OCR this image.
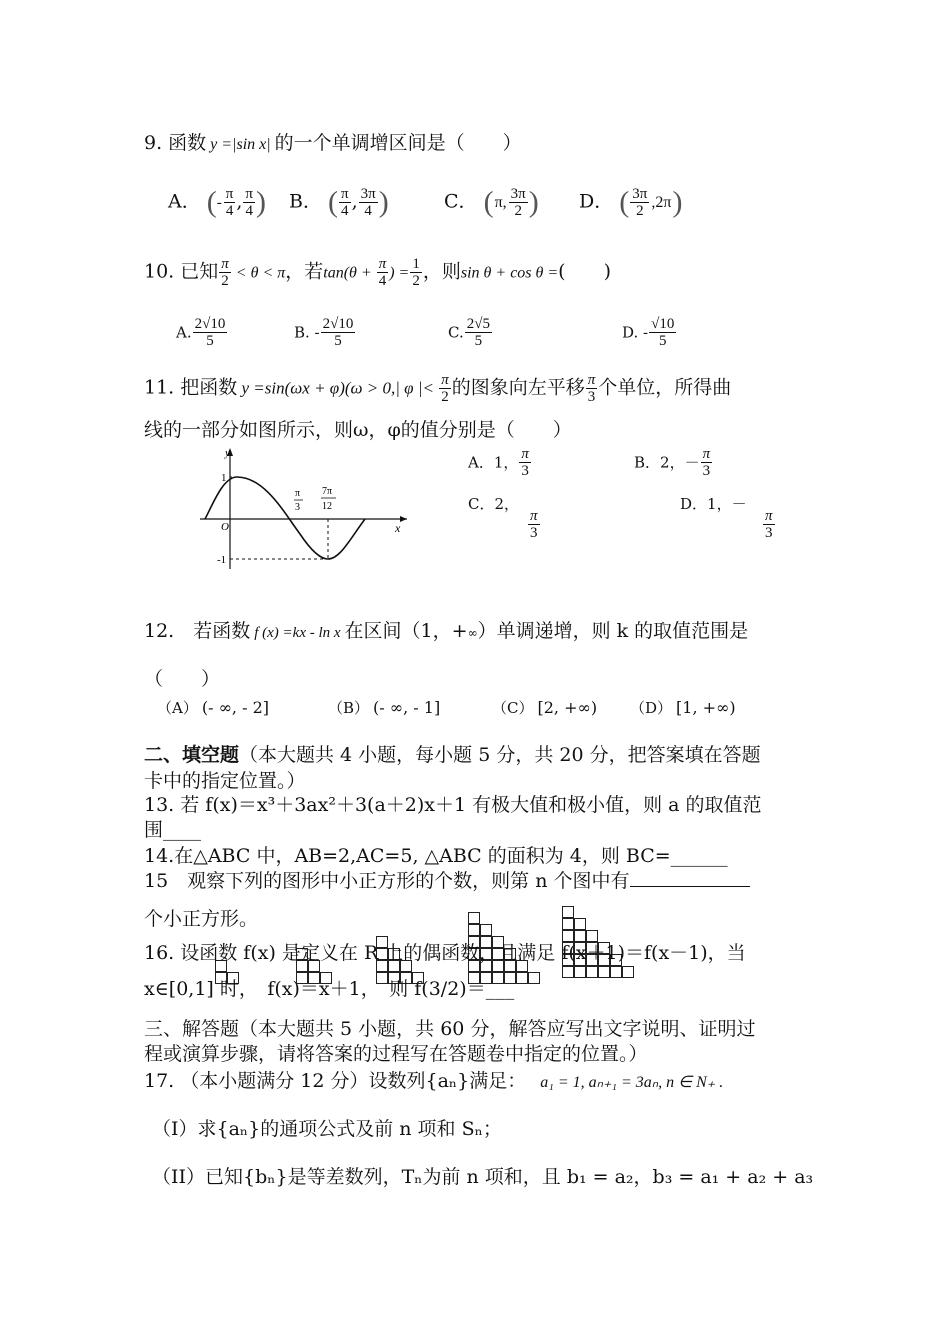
9. 函数 y =|sin x| 的一个单调增区间是（　　）
A． (- $\frac{\pi}{4}$ , $\frac{\pi}{4}$ ) B． ( $\frac{\pi}{4}$ , $\frac{3\pi}{4}$ )	C． (π, $\frac{3\pi}{2}$ ) D． ( $\frac{3\pi}{2} ,2\pi$)
10. 已知 $\frac{\pi}{2} < \theta < \pi$，若$\tan(\theta + \frac{\pi}{4}$ ) = $\frac{1}{2}$ ，则sin θ + cos θ =(　　)
A. $\frac{2√10}{5}$	B. - $\frac{2√10}{5}$	C. $\frac{2√5}{5}$	D. - $\frac{√10}{5}$
11. 把函数 y =sin(ωx + φ)(ω > 0,| φ |< $\frac{\pi}{2}$ 的图象向左平移 $\frac{\pi}{3}$ 个单位，所得曲
线的一部分如图所示，则ω，φ的值分别是（　　）
y
x
1
-1
O
π
3
7π
12
A．1， $\frac{\pi}{3}$	B．2，－ $\frac{\pi}{3}$
C．2，
$\frac{\pi}{3}$
D．1，－
$\frac{\pi}{3}$
12.　若函数 f (x) =kx - ln x 在区间（1，+∞）单调递增，则 k 的取值范围是
（　　）
（A） (- ∞, - 2]	（B） (- ∞, - 1]	（C） [2, +∞) （D） [1, +∞)
二、填空题（本大题共 4 小题，每小题 5 分，共 20 分，把答案填在答题
卡中的指定位置。）
13. 若 f(x)＝x³＋3ax²＋3(a＋2)x＋1 有极大值和极小值，则 a 的取值范
围____
14.在△ABC 中，AB=2,AC=5, △ABC 的面积为 4，则 BC=______
15　观察下列的图形中小正方形的个数，则第 n 个图中有
个小正方形。
16. 设函数 f(x) 是定义在 R 上的偶函数，且满足 f(x＋1)＝f(x－1)，当
x∈[0,1] 时，　f(x)＝x＋1，　则 f(3/2)＝___
三、解答题（本大题共 5 小题，共 60 分，解答应写出文字说明、证明过
程或演算步骤，请将答案的过程写在答题卷中指定的位置。）
17. （本小题满分 12 分）设数列{aₙ}满足： a₁ = 1, aₙ₊₁ = 3aₙ, n ∈ N₊ .
（I）求{aₙ}的通项公式及前 n 项和 Sₙ；
（II）已知{bₙ}是等差数列，Tₙ为前 n 项和，且 b₁ = a₂，b₃ = a₁ + a₂ + a₃
